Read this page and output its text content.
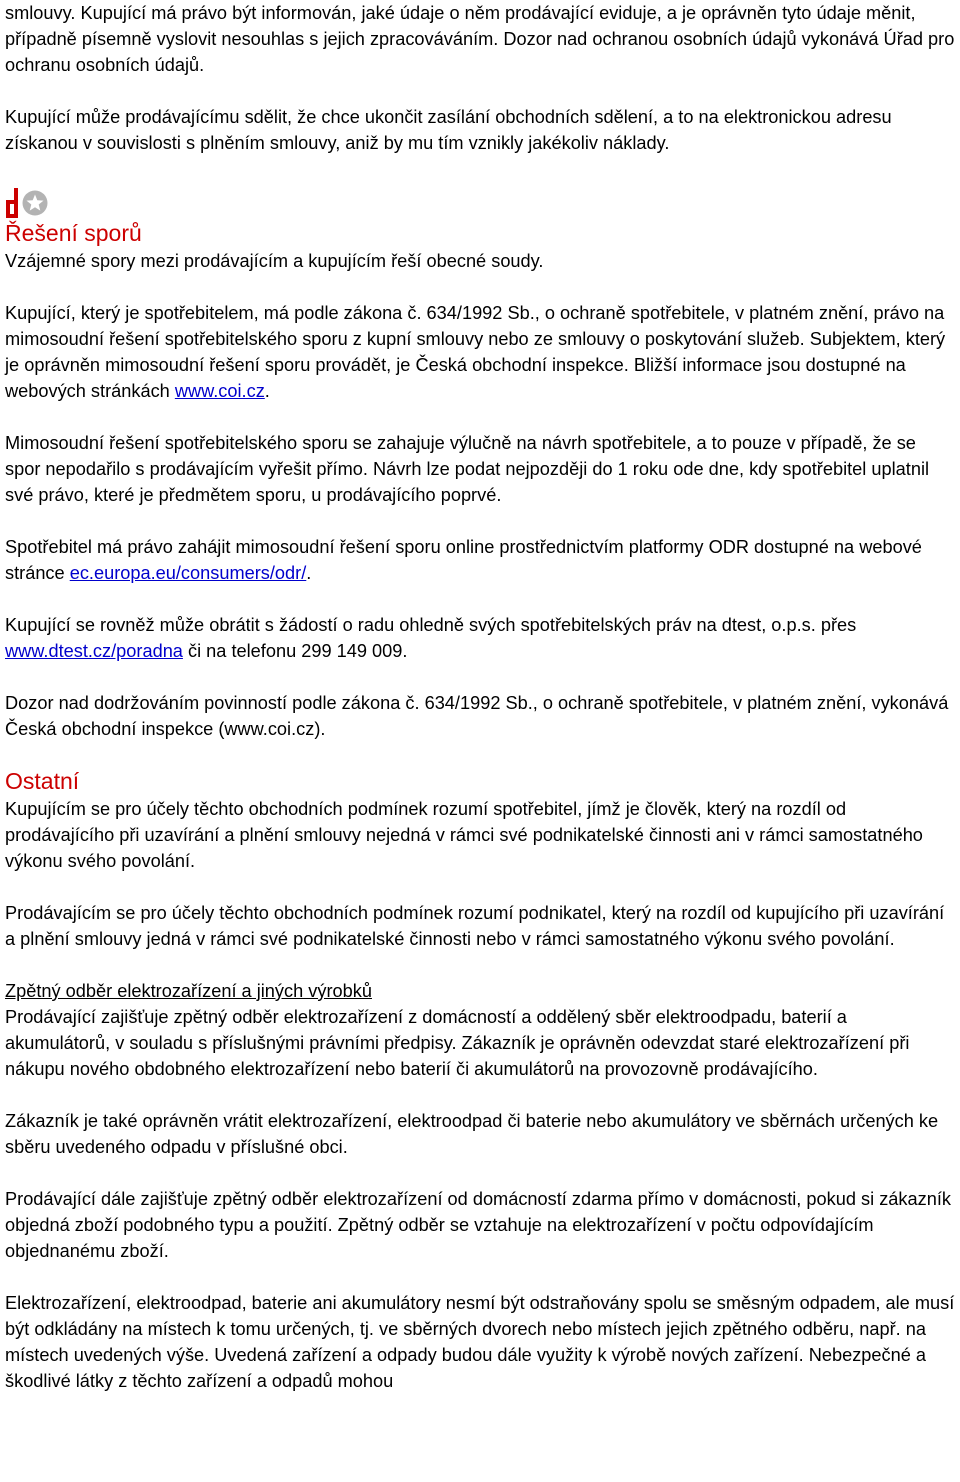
smlouvy. Kupující má právo být informován, jaké údaje o něm prodávající eviduje, a je oprávněn tyto údaje měnit, případně písemně vyslovit nesouhlas s jejich zpracováváním. Dozor nad ochranou osobních údajů vykonává Úřad pro ochranu osobních údajů.

Kupující může prodávajícímu sdělit, že chce ukončit zasílání obchodních sdělení, a to na elektronickou adresu získanou v souvislosti s plněním smlouvy, aniž by mu tím vznikly jakékoliv náklady.

Řešení sporů

Vzájemné spory mezi prodávajícím a kupujícím řeší obecné soudy.

Kupující, který je spotřebitelem, má podle zákona č. 634/1992 Sb., o ochraně spotřebitele, v platném znění, právo na mimosoudní řešení spotřebitelského sporu z kupní smlouvy nebo ze smlouvy o poskytování služeb. Subjektem, který je oprávněn mimosoudní řešení sporu provádět, je Česká obchodní inspekce. Bližší informace jsou dostupné na webových stránkách www.coi.cz.

Mimosoudní řešení spotřebitelského sporu se zahajuje výlučně na návrh spotřebitele, a to pouze v případě, že se spor nepodařilo s prodávajícím vyřešit přímo. Návrh lze podat nejpozději do 1 roku ode dne, kdy spotřebitel uplatnil své právo, které je předmětem sporu, u prodávajícího poprvé.

Spotřebitel má právo zahájit mimosoudní řešení sporu online prostřednictvím platformy ODR dostupné na webové stránce ec.europa.eu/consumers/odr/.

Kupující se rovněž může obrátit s žádostí o radu ohledně svých spotřebitelských práv na dtest, o.p.s. přes www.dtest.cz/poradna či na telefonu 299 149 009.

Dozor nad dodržováním povinností podle zákona č. 634/1992 Sb., o ochraně spotřebitele, v platném znění, vykonává Česká obchodní inspekce (www.coi.cz).

Ostatní

Kupujícím se pro účely těchto obchodních podmínek rozumí spotřebitel, jímž je člověk, který na rozdíl od prodávajícího při uzavírání a plnění smlouvy nejedná v rámci své podnikatelské činnosti ani v rámci samostatného výkonu svého povolání.

Prodávajícím se pro účely těchto obchodních podmínek rozumí podnikatel, který na rozdíl od kupujícího při uzavírání a plnění smlouvy jedná v rámci své podnikatelské činnosti nebo v rámci samostatného výkonu svého povolání.

Zpětný odběr elektrozařízení a jiných výrobků

Prodávající zajišťuje zpětný odběr elektrozařízení z domácností a oddělený sběr elektroodpadu, baterií a akumulátorů, v souladu s příslušnými právními předpisy. Zákazník je oprávněn odevzdat staré elektrozařízení při nákupu nového obdobného elektrozařízení nebo baterií či akumulátorů na provozovně prodávajícího.

Zákazník je také oprávněn vrátit elektrozařízení, elektroodpad či baterie nebo akumulátory ve sběrnách určených ke sběru uvedeného odpadu v příslušné obci.

Prodávající dále zajišťuje zpětný odběr elektrozařízení od domácností zdarma přímo v domácnosti, pokud si zákazník objedná zboží podobného typu a použití. Zpětný odběr se vztahuje na elektrozařízení v počtu odpovídajícím objednanému zboží.

Elektrozařízení, elektroodpad, baterie ani akumulátory nesmí být odstraňovány spolu se směsným odpadem, ale musí být odkládány na místech k tomu určených, tj. ve sběrných dvorech nebo místech jejich zpětného odběru, např. na místech uvedených výše. Uvedená zařízení a odpady budou dále využity k výrobě nových zařízení. Nebezpečné a škodlivé látky z těchto zařízení a odpadů mohou
